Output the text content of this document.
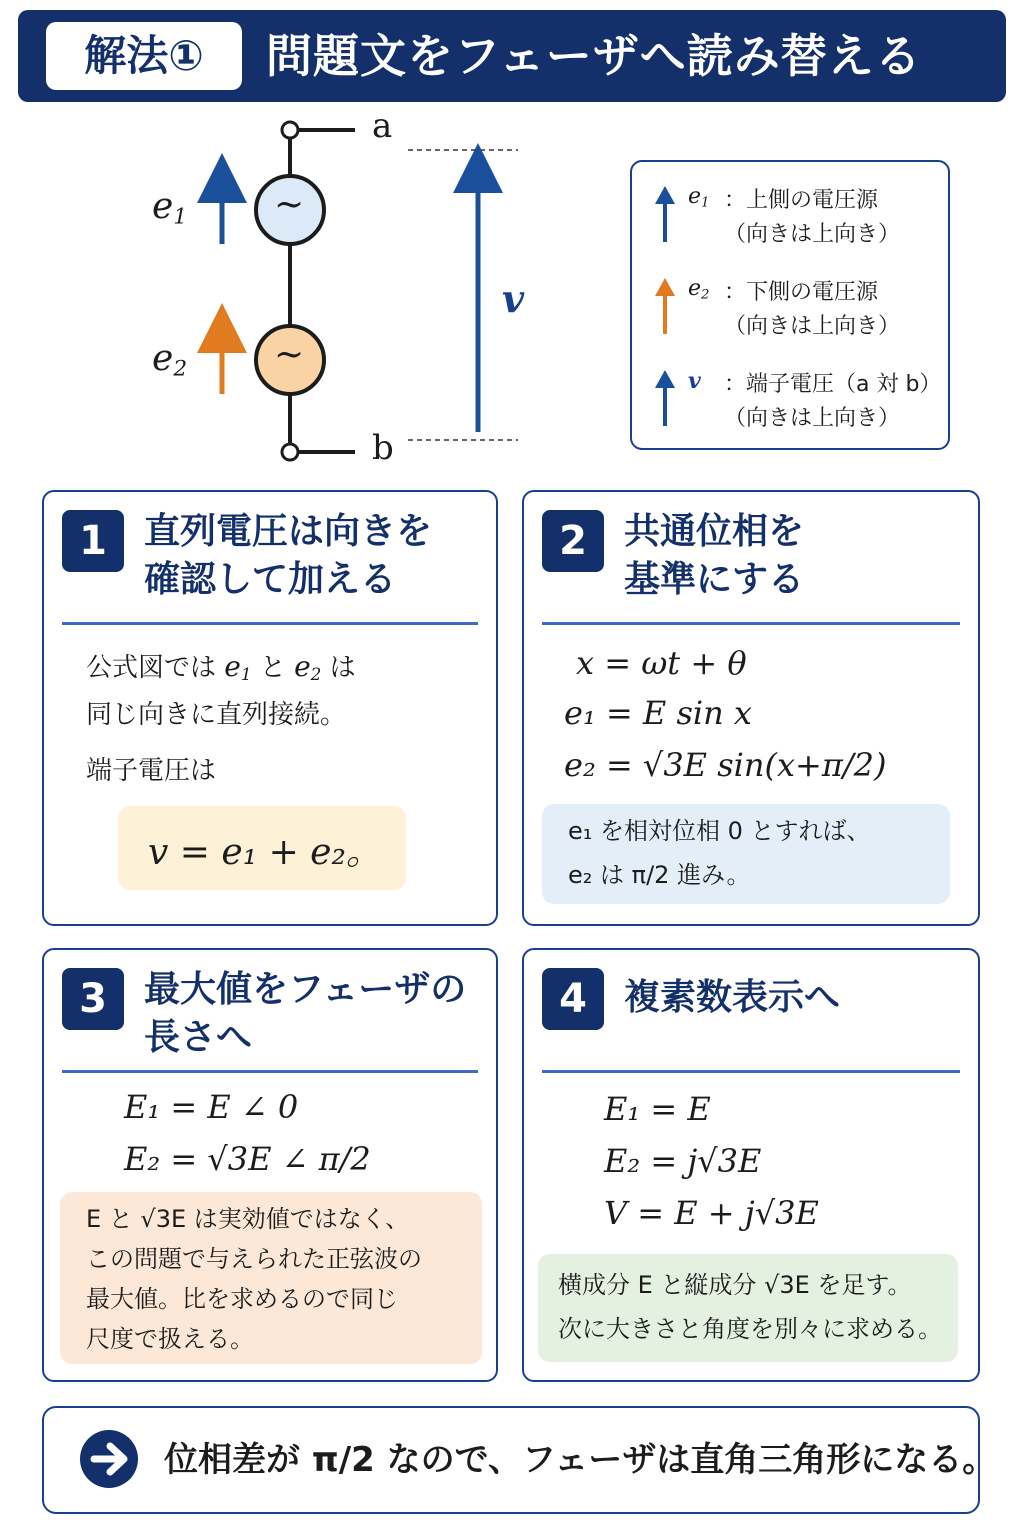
解法①	問題文をフェーザへ読み替える
$e_1$
$e_2$
~
~
a
b
v
$e_1$ ：上側の電圧源
（向きは上向き）
$e_2$ ：下側の電圧源
（向きは上向き）
v ：端子電圧（a 対 b）
（向きは上向き）
1	直列電圧は向きを
確認して加える
公式図では $e_1$ と $e_2$ は
同じ向きに直列接続。
端子電圧は
v = e₁ + e₂。
2	共通位相を
基準にする
x = ωt + θ
e₁ = E sin x
e₂ = √3E sin(x+π/2)
e₁ を相対位相 0 とすれば、
e₂ は π/2 進み。
3	最大値をフェーザの
長さへ
E₁ = E ∠ 0
E₂ = √3E ∠ π/2
E と √3E は実効値ではなく、
この問題で与えられた正弦波の
最大値。比を求めるので同じ
尺度で扱える。
4	複素数表示へ
E₁ = E
E₂ = j√3E
V = E + j√3E
横成分 E と縦成分 √3E を足す。
次に大きさと角度を別々に求める。
位相差が π/2 なので、フェーザは直角三角形になる。
